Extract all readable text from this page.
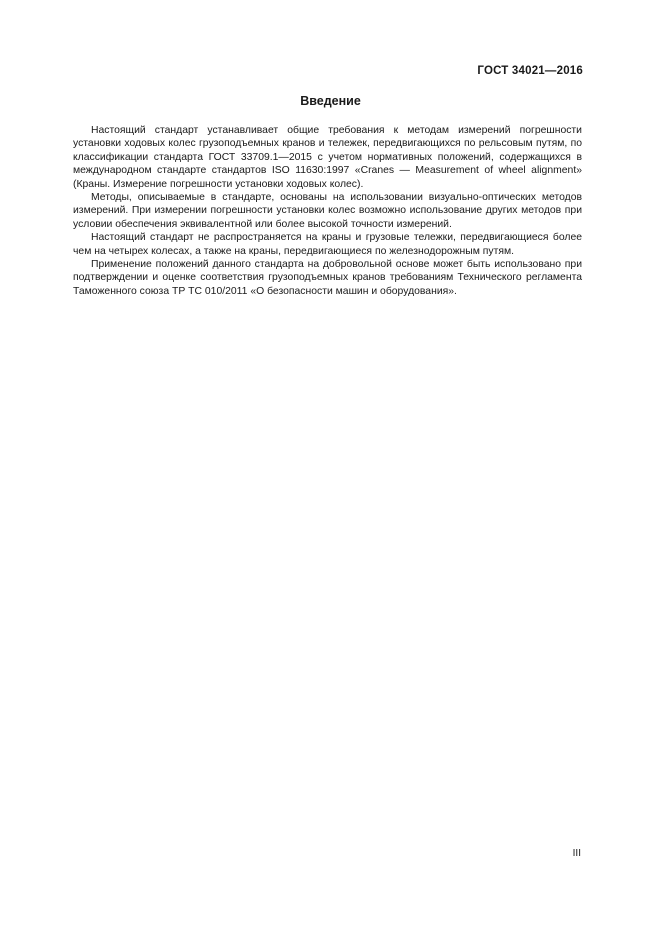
ГОСТ 34021—2016
Введение

Настоящий стандарт устанавливает общие требования к методам измерений погрешности установки ходовых колес грузоподъемных кранов и тележек, передвигающихся по рельсовым путям, по классификации стандарта ГОСТ 33709.1—2015 с учетом нормативных положений, содержащихся в международном стандарте стандартов ISO 11630:1997 «Cranes — Measurement of wheel alignment» (Краны. Измерение погрешности установки ходовых колес).

Методы, описываемые в стандарте, основаны на использовании визуально-оптических методов измерений. При измерении погрешности установки колес возможно использование других методов при условии обеспечения эквивалентной или более высокой точности измерений.

Настоящий стандарт не распространяется на краны и грузовые тележки, передвигающиеся более чем на четырех колесах, а также на краны, передвигающиеся по железнодорожным путям.

Применение положений данного стандарта на добровольной основе может быть использовано при подтверждении и оценке соответствия грузоподъемных кранов требованиям Технического регламента Таможенного союза ТР ТС 010/2011 «О безопасности машин и оборудования».

III
